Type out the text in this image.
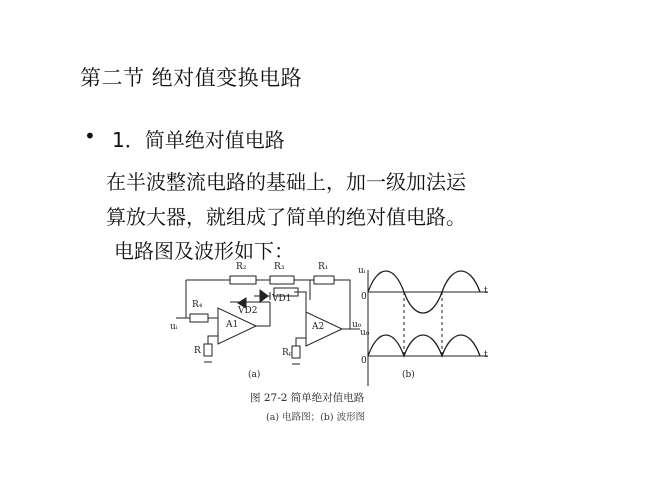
第二节 绝对值变换电路
• 1．简单绝对值电路
在半波整流电路的基础上，加一级加法运
算放大器，就组成了简单的绝对值电路。
电路图及波形如下：
R₂	R₃	R₁
R₄
VD1
VD2
A1	A2
uᵢ
R	Rₚ
u₀
uᵢ
u₀
t
t
0
0
(a)	(b)
图 27-2 简单绝对值电路
(a) 电路图；(b) 波形图
